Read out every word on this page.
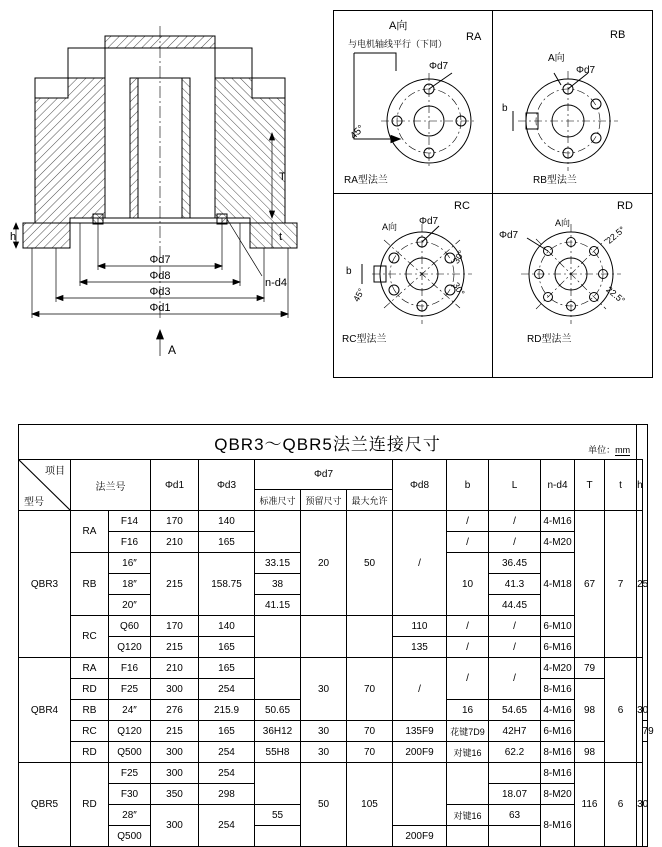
Φd7
Φd8
Φd3
Φd1
n-d4
T
t
h
A
A向
RA
与电机轴线平行（下同）
Φd7
45°
RA型法兰
RB
A向
Φd7
b
RB型法兰
RC
A向 Φd7
b
30°
30°
45°
RC型法兰
RD
A向
Φd7	22.5°
22.5°
RD型法兰
QBR3～QBR5法兰连接尺寸 单位：mm															

项目
型号	法兰号		Φd1	Φd3	Φd7			Φd8	b	L	n-d4	T	t	h	
					标准尺寸	预留尺寸	最大允许								
QBR3	RA	F14	170	140		20	50	/	/	/	4-M16	67	7	25	
		F16	210	165					/	/	4-M20				
	RB	16″	215	158.75	33.15				10	36.45	4-M18				
		18″			38					41.3					
		20″			41.15					44.45					
	RC	Q60	170	140				110	/	/	6-M10				
		Q120	215	165				135	/	/	6-M16				
QBR4	RA	F16	210	165		30	70	/	/	/	4-M20	79	6	30	
	RD	F25	300	254							8-M16	98			
	RB	24″	276	215.9	50.65				16	54.65	4-M16				
	RC	Q120	215	165	36H12	30	70	135F9	花键7D9	42H7	6-M16				79
	RD	Q500	300	254	55H8	30	70	200F9	对键16	62.2	8-M16	98			
QBR5	RD	F25	300	254		50	105				8-M16	116	6	30	
		F30	350	298						18.07	8-M20				
		28″	300	254	55				对键16	63	8-M16				
		Q500						200F9							
